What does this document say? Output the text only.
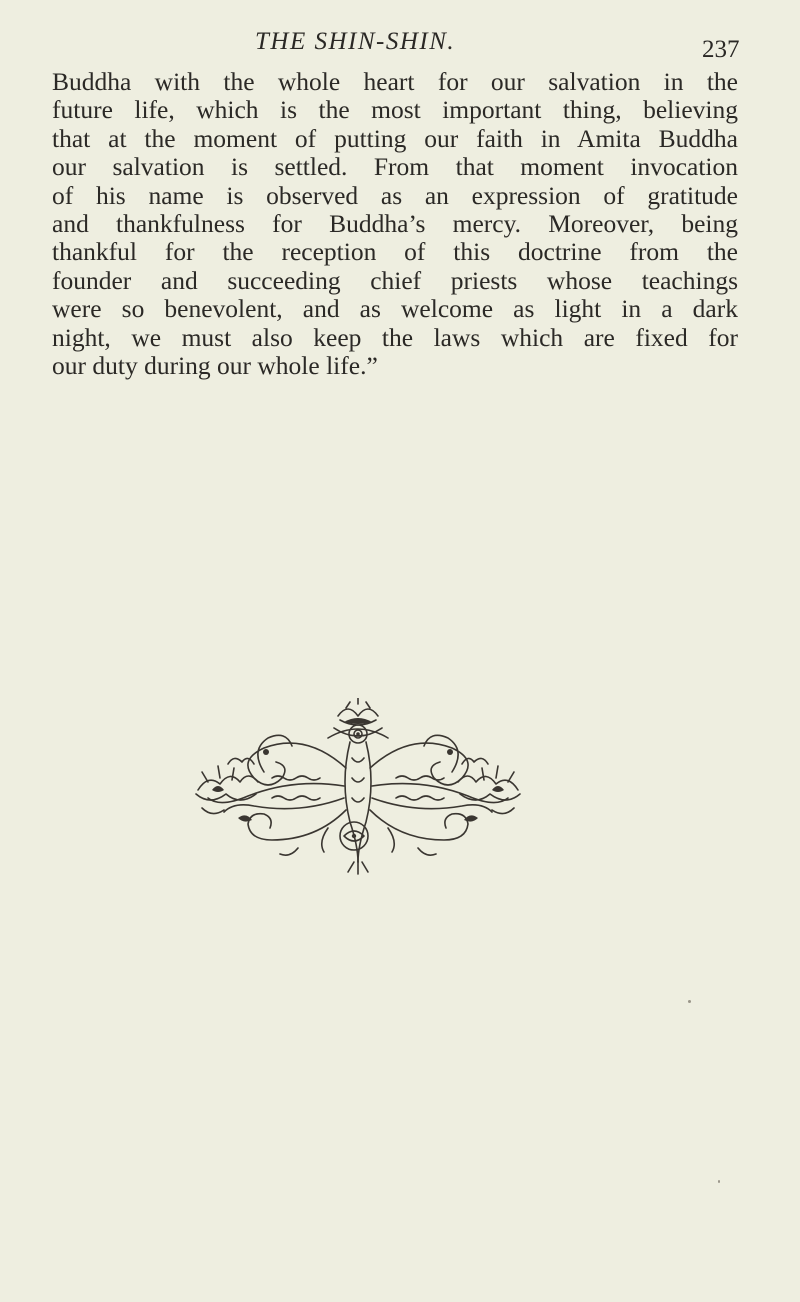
THE SHIN-SHIN.	237
Buddha with the whole heart for our salvation in the
future life, which is the most important thing, believing
that at the moment of putting our faith in Amita Buddha
our salvation is settled. From that moment invocation
of his name is observed as an expression of gratitude
and thankfulness for Buddha’s mercy. Moreover, being
thankful for the reception of this doctrine from the
founder and succeeding chief priests whose teachings
were so benevolent, and as welcome as light in a dark
night, we must also keep the laws which are fixed for
our duty during our whole life.”
